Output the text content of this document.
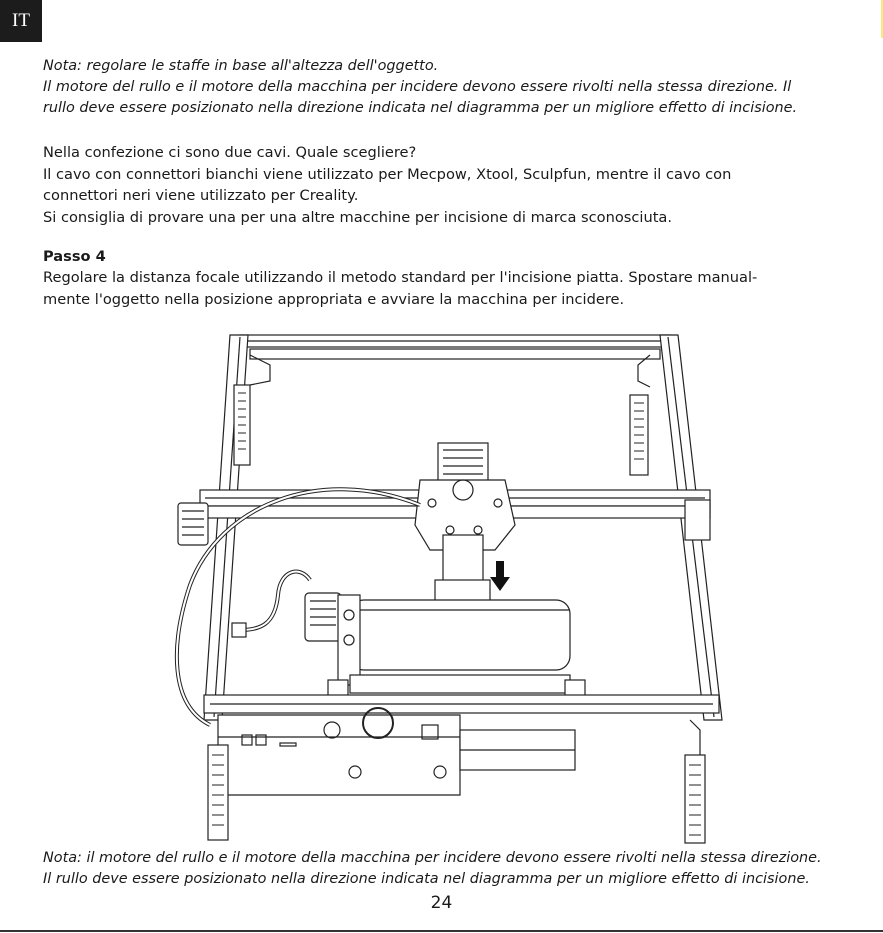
IT
Nota: regolare le staffe in base all'altezza dell'oggetto.
Il motore del rullo e il motore della macchina per incidere devono essere rivolti nella stessa direzione. Il
rullo deve essere posizionato nella direzione indicata nel diagramma per un migliore effetto di incisione.
Nella confezione ci sono due cavi. Quale scegliere?
Il cavo con connettori bianchi viene utilizzato per Mecpow, Xtool, Sculpfun, mentre il cavo con
connettori neri viene utilizzato per Creality.
Si consiglia di provare una per una altre macchine per incisione di marca sconosciuta.
Passo 4
Regolare la distanza focale utilizzando il metodo standard per l'incisione piatta. Spostare manual-
mente l'oggetto nella posizione appropriata e avviare la macchina per incidere.
Nota: il motore del rullo e il motore della macchina per incidere devono essere rivolti nella stessa direzione.
Il rullo deve essere posizionato nella direzione indicata nel diagramma per un migliore effetto di incisione.
24
